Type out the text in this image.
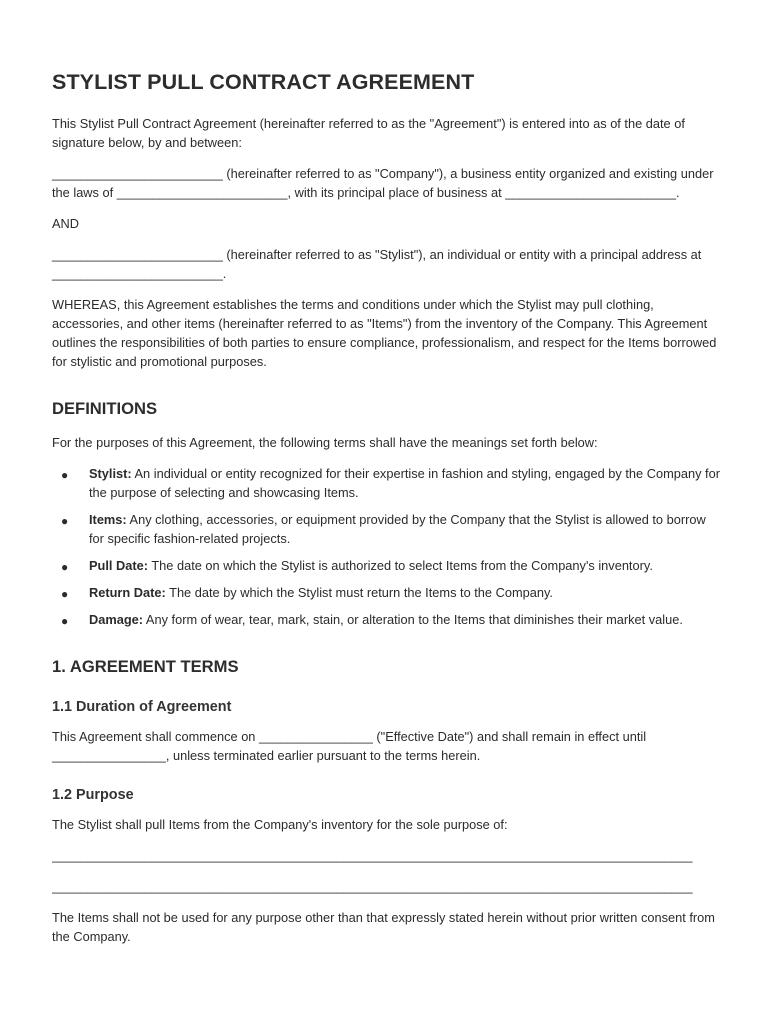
STYLIST PULL CONTRACT AGREEMENT

This Stylist Pull Contract Agreement (hereinafter referred to as the "Agreement") is entered into as of the date of signature below, by and between:

________________________ (hereinafter referred to as "Company"), a business entity organized and existing under the laws of ________________________, with its principal place of business at ________________________.

AND

________________________ (hereinafter referred to as "Stylist"), an individual or entity with a principal address at ________________________.

WHEREAS, this Agreement establishes the terms and conditions under which the Stylist may pull clothing, accessories, and other items (hereinafter referred to as "Items") from the inventory of the Company. This Agreement outlines the responsibilities of both parties to ensure compliance, professionalism, and respect for the Items borrowed for stylistic and promotional purposes.

DEFINITIONS

For the purposes of this Agreement, the following terms shall have the meanings set forth below:

● Stylist: An individual or entity recognized for their expertise in fashion and styling, engaged by the Company for the purpose of selecting and showcasing Items.
● Items: Any clothing, accessories, or equipment provided by the Company that the Stylist is allowed to borrow for specific fashion-related projects.
● Pull Date: The date on which the Stylist is authorized to select Items from the Company's inventory.
● Return Date: The date by which the Stylist must return the Items to the Company.
● Damage: Any form of wear, tear, mark, stain, or alteration to the Items that diminishes their market value.
1. AGREEMENT TERMS
1.1 Duration of Agreement

This Agreement shall commence on ________________ ("Effective Date") and shall remain in effect until ________________, unless terminated earlier pursuant to the terms herein.

1.2 Purpose

The Stylist shall pull Items from the Company's inventory for the sole purpose of:

__________________________________________________________________________________________
__________________________________________________________________________________________

The Items shall not be used for any purpose other than that expressly stated herein without prior written consent from the Company.
